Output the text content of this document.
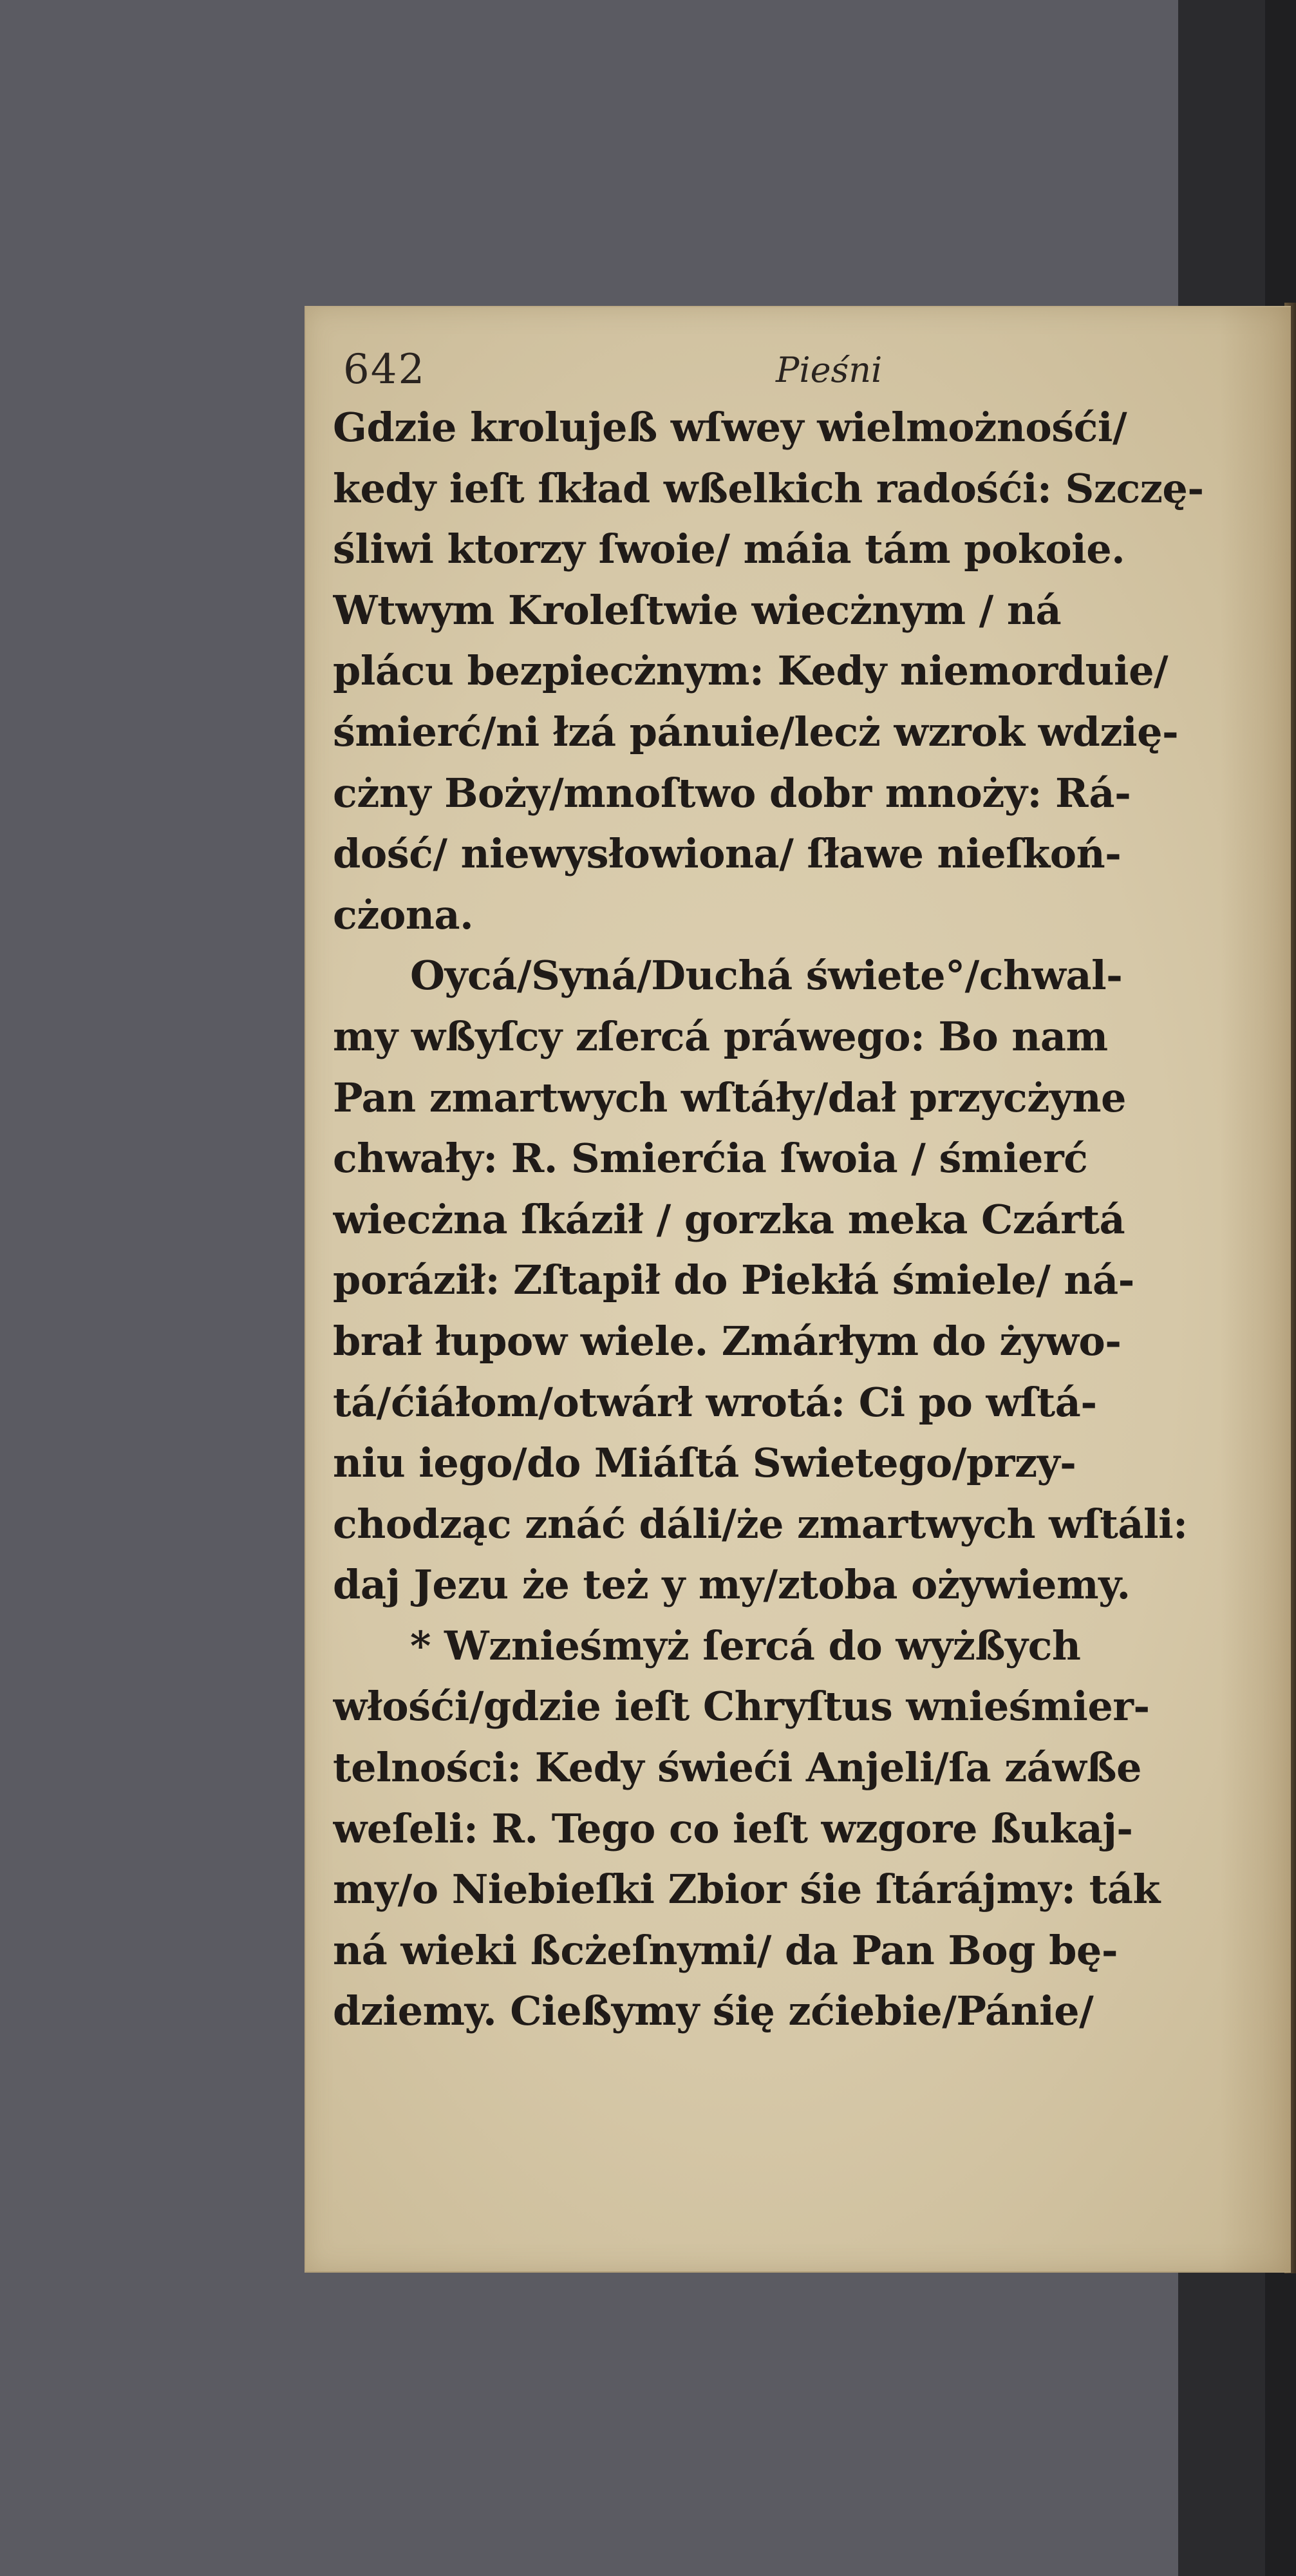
642	Pieśni
Gdzie krolujeß wſwey wielmożnośći/
kedy ieſt ſkład wßelkich radośći: Szczę-
śliwi ktorzy ſwoie/ máia tám pokoie.
Wtwym Kroleſtwie wiecżnym / ná
plácu bezpiecżnym: Kedy niemorduie/
śmierć/ni łzá pánuie/lecż wzrok wdzię-
cżny Boży/mnoſtwo dobr mnoży: Rá-
dość/ niewysłowiona/ ſławe nieſkoń-
cżona.
Oycá/Syná/Duchá świete°/chwal-
my wßyſcy zſercá práwego: Bo nam
Pan zmartwych wſtáły/dał przycżyne
chwały: R. Smierćia ſwoia / śmierć
wiecżna ſkáził / gorzka meka Czártá
poráził: Zſtapił do Piekłá śmiele/ ná-
brał łupow wiele. Zmárłym do żywo-
tá/ćiáłom/otwárł wrotá: Ci po wſtá-
niu iego/do Miáſtá Swietego/przy-
chodząc znáć dáli/że zmartwych wſtáli:
daj Jezu że też y my/ztoba ożywiemy.
* Wznieśmyż ſercá do wyżßych
włośći/gdzie ieſt Chryſtus wnieśmier-
telności: Kedy świeći Anjeli/ſa záwße
weſeli: R. Tego co ieſt wzgore ßukaj-
my/o Niebieſki Zbior śie ſtárájmy: ták
ná wieki ßcżeſnymi/ da Pan Bog bę-
dziemy. Cießymy śię zćiebie/Pánie/
